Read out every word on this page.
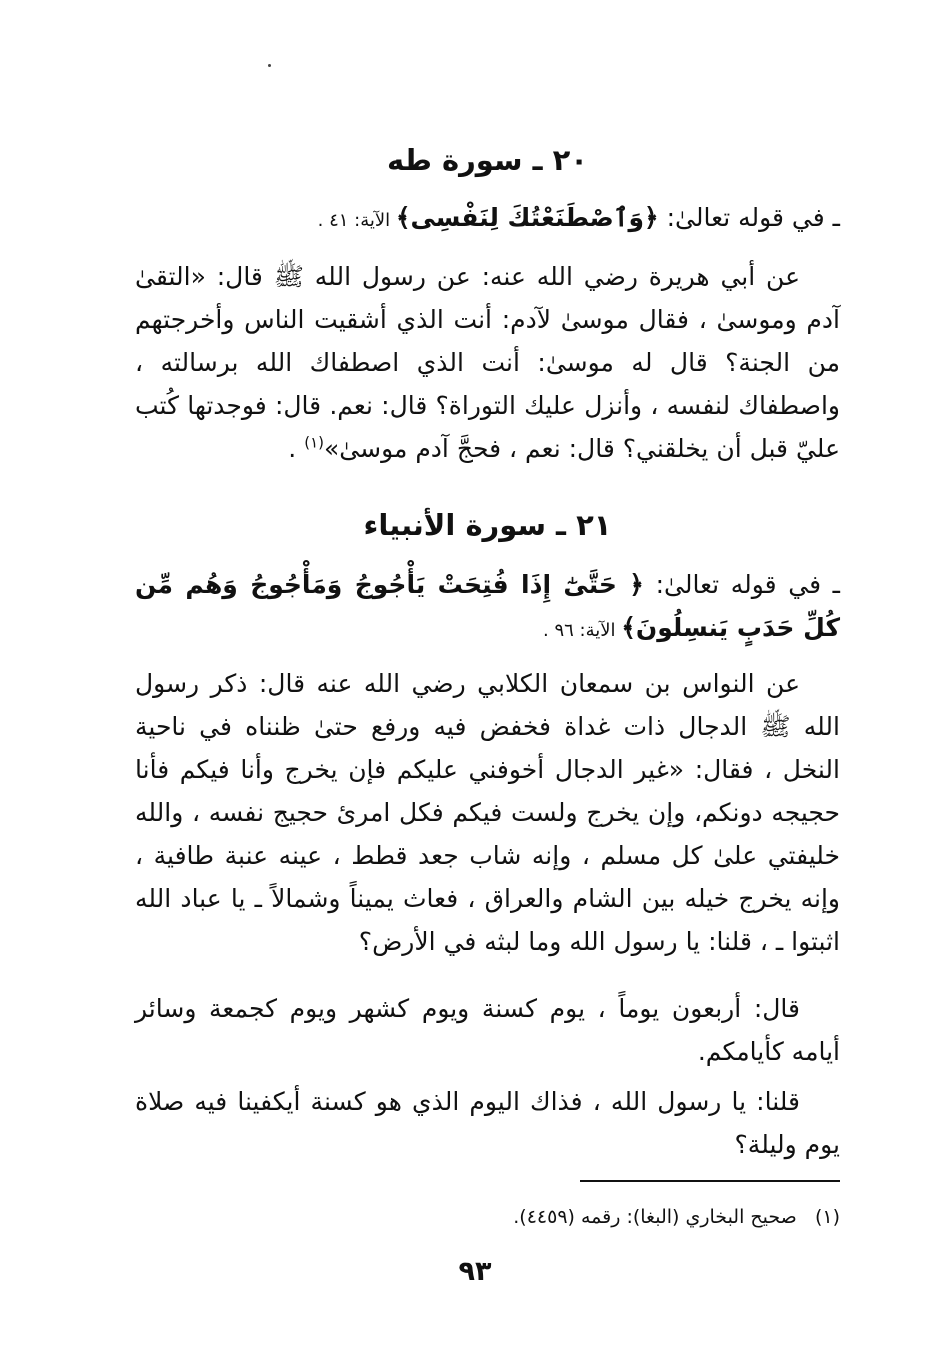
٢٠ ـ سورة طه
ـ في قوله تعالىٰ: ﴿وَٱصْطَنَعْتُكَ لِنَفْسِى﴾ الآية: ٤١ .
عن أبي هريرة رضي الله عنه: عن رسول الله ﷺ قال: «التقىٰ آدم وموسىٰ ، فقال موسىٰ لآدم: أنت الذي أشقيت الناس وأخرجتهم من الجنة؟ قال له موسىٰ: أنت الذي اصطفاك الله برسالته ، واصطفاك لنفسه ، وأنزل عليك التوراة؟ قال: نعم. قال: فوجدتها كُتب عليّ قبل أن يخلقني؟ قال: نعم ، فحجَّ آدم موسىٰ»$^{(١)}$ .
٢١ ـ سورة الأنبياء
ـ في قوله تعالىٰ: ﴿ حَتَّىٰٓ إِذَا فُتِحَتْ يَأْجُوجُ وَمَأْجُوجُ وَهُم مِّن كُلِّ حَدَبٍ يَنسِلُونَ﴾ الآية: ٩٦ .
عن النواس بن سمعان الكلابي رضي الله عنه قال: ذكر رسول الله ﷺ الدجال ذات غداة فخفض فيه ورفع حتىٰ ظنناه في ناحية النخل ، فقال: «غير الدجال أخوفني عليكم فإن يخرج وأنا فيكم فأنا حجيجه دونكم، وإن يخرج ولست فيكم فكل امرئ حجيج نفسه ، والله خليفتي علىٰ كل مسلم ، وإنه شاب جعد قطط ، عينه عنبة طافية ، وإنه يخرج خيله بين الشام والعراق ، فعاث يميناً وشمالاً ـ يا عباد الله اثبتوا ـ ، قلنا: يا رسول الله وما لبثه في الأرض؟
قال: أربعون يوماً ، يوم كسنة ويوم كشهر ويوم كجمعة وسائر أيامه كأيامكم.
قلنا: يا رسول الله ، فذاك اليوم الذي هو كسنة أيكفينا فيه صلاة يوم وليلة؟
(١)   صحيح البخاري (البغا): رقمه (٤٤٥٩).
٩٣
